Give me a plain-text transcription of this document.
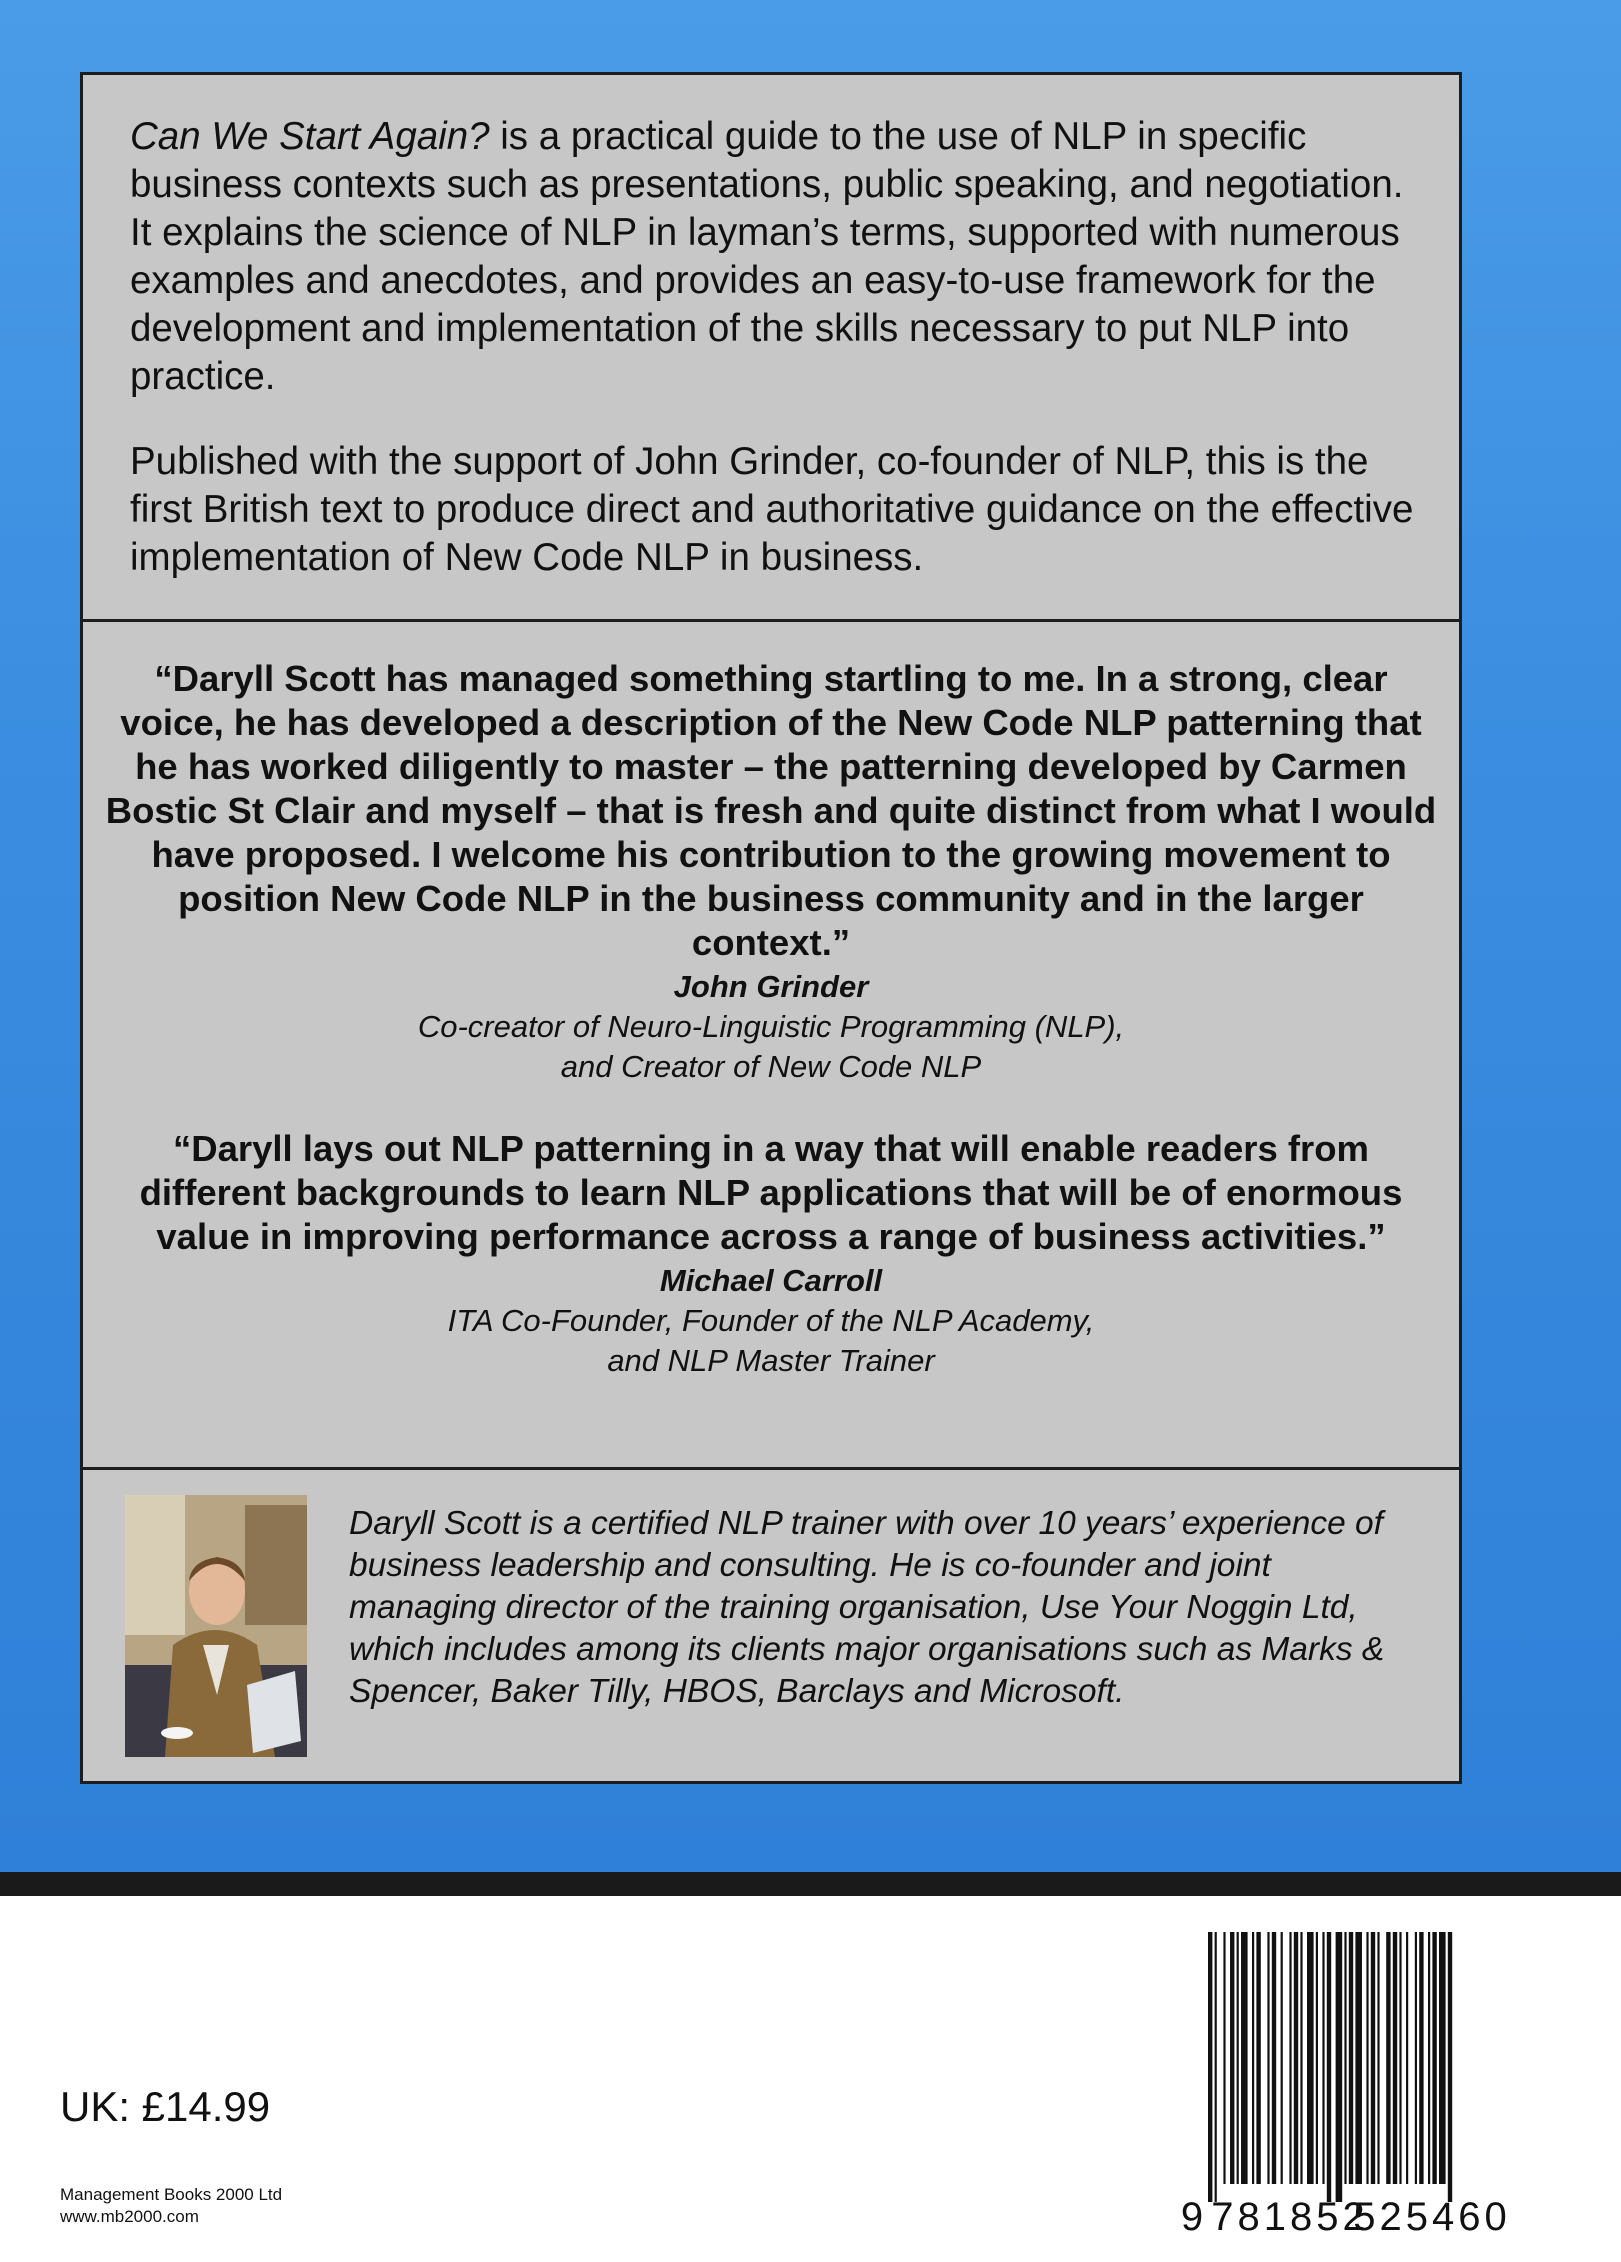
Can We Start Again? is a practical guide to the use of NLP in specific business contexts such as presentations, public speaking, and negotiation. It explains the science of NLP in layman’s terms, supported with numerous examples and anecdotes, and provides an easy-to-use framework for the development and implementation of the skills necessary to put NLP into practice.

Published with the support of John Grinder, co-founder of NLP, this is the first British text to produce direct and authoritative guidance on the effective implementation of New Code NLP in business.

“Daryll Scott has managed something startling to me. In a strong, clear voice, he has developed a description of the New Code NLP patterning that he has worked diligently to master – the patterning developed by Carmen Bostic St Clair and myself – that is fresh and quite distinct from what I would have proposed. I welcome his contribution to the growing movement to position New Code NLP in the business community and in the larger context.”

John Grinder

Co-creator of Neuro-Linguistic Programming (NLP),

and Creator of New Code NLP

“Daryll lays out NLP patterning in a way that will enable readers from different backgrounds to learn NLP applications that will be of enormous value in improving performance across a range of business activities.”

Michael Carroll

ITA Co-Founder, Founder of the NLP Academy,

and NLP Master Trainer

Daryll Scott is a certified NLP trainer with over 10 years’ experience of business leadership and consulting. He is co-founder and joint managing director of the training organisation, Use Your Noggin Ltd, which includes among its clients major organisations such as Marks & Spencer, Baker Tilly, HBOS, Barclays and Microsoft.

UK: £14.99
Management Books 2000 Ltd
www.mb2000.com	9 781852
525460
